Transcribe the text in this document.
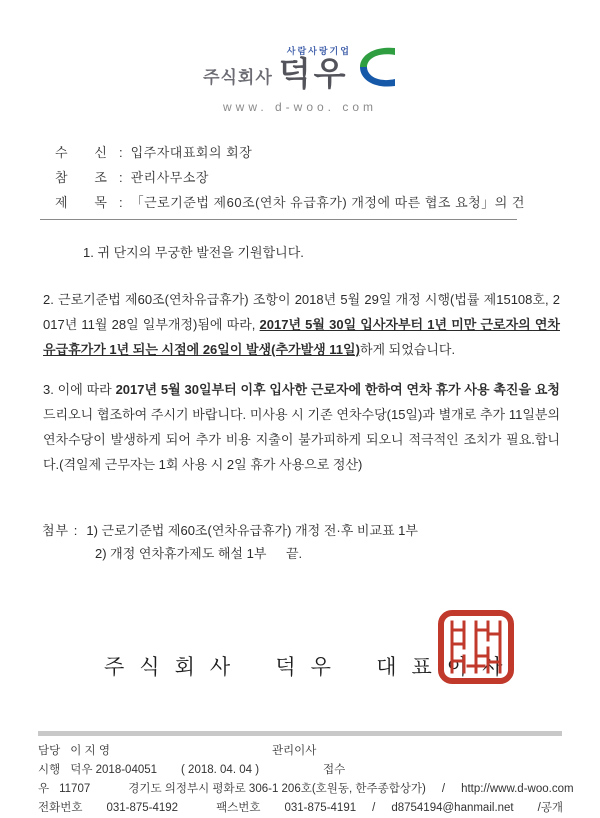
주식회사
사람사랑기업
덕우
www. d-woo. com
수 신 : 입주자대표회의 회장
참 조 : 관리사무소장
제 목 : 「근로기준법 제60조(연차 유급휴가) 개정에 따른 협조 요청」의 건

1. 귀 단지의 무궁한 발전을 기원합니다.

2. 근로기준법 제60조(연차유급휴가) 조항이 2018년 5월 29일 개정 시행(법률 제15108호, 2017년 11월 28일 일부개정)됨에 따라, 2017년 5월 30일 입사자부터 1년 미만 근로자의 연차 유급휴가가 1년 되는 시점에 26일이 발생(추가발생 11일)하게 되었습니다.

3. 이에 따라 2017년 5월 30일부터 이후 입사한 근로자에 한하여 연차 휴가 사용 촉진을 요청드리오니 협조하여 주시기 바랍니다. 미사용 시 기존 연차수당(15일)과 별개로 추가 11일분의 연차수당이 발생하게 되어 추가 비용 지출이 불가피하게 되오니 적극적인 조치가 필요.합니다.(격일제 근무자는 1회 사용 시 2일 휴가 사용으로 정산)

첨부 : 1) 근로기준법 제60조(연차유급휴가) 개정 전·후 비교표 1부
2) 개정 연차휴가제도 해설 1부 끝.
주식회사 덕우 대표이사
담당 이 지 영	관리이사
시행 덕우 2018-04051 ( 2018. 04. 04 )	접수
우 11707	경기도 의정부시 평화로 306-1 206호(호원동, 한주종합상가) / http://www.d-woo.com
전화번호 031-875-4192	팩스번호 031-875-4191 / d8754194@hanmail.net /공개
